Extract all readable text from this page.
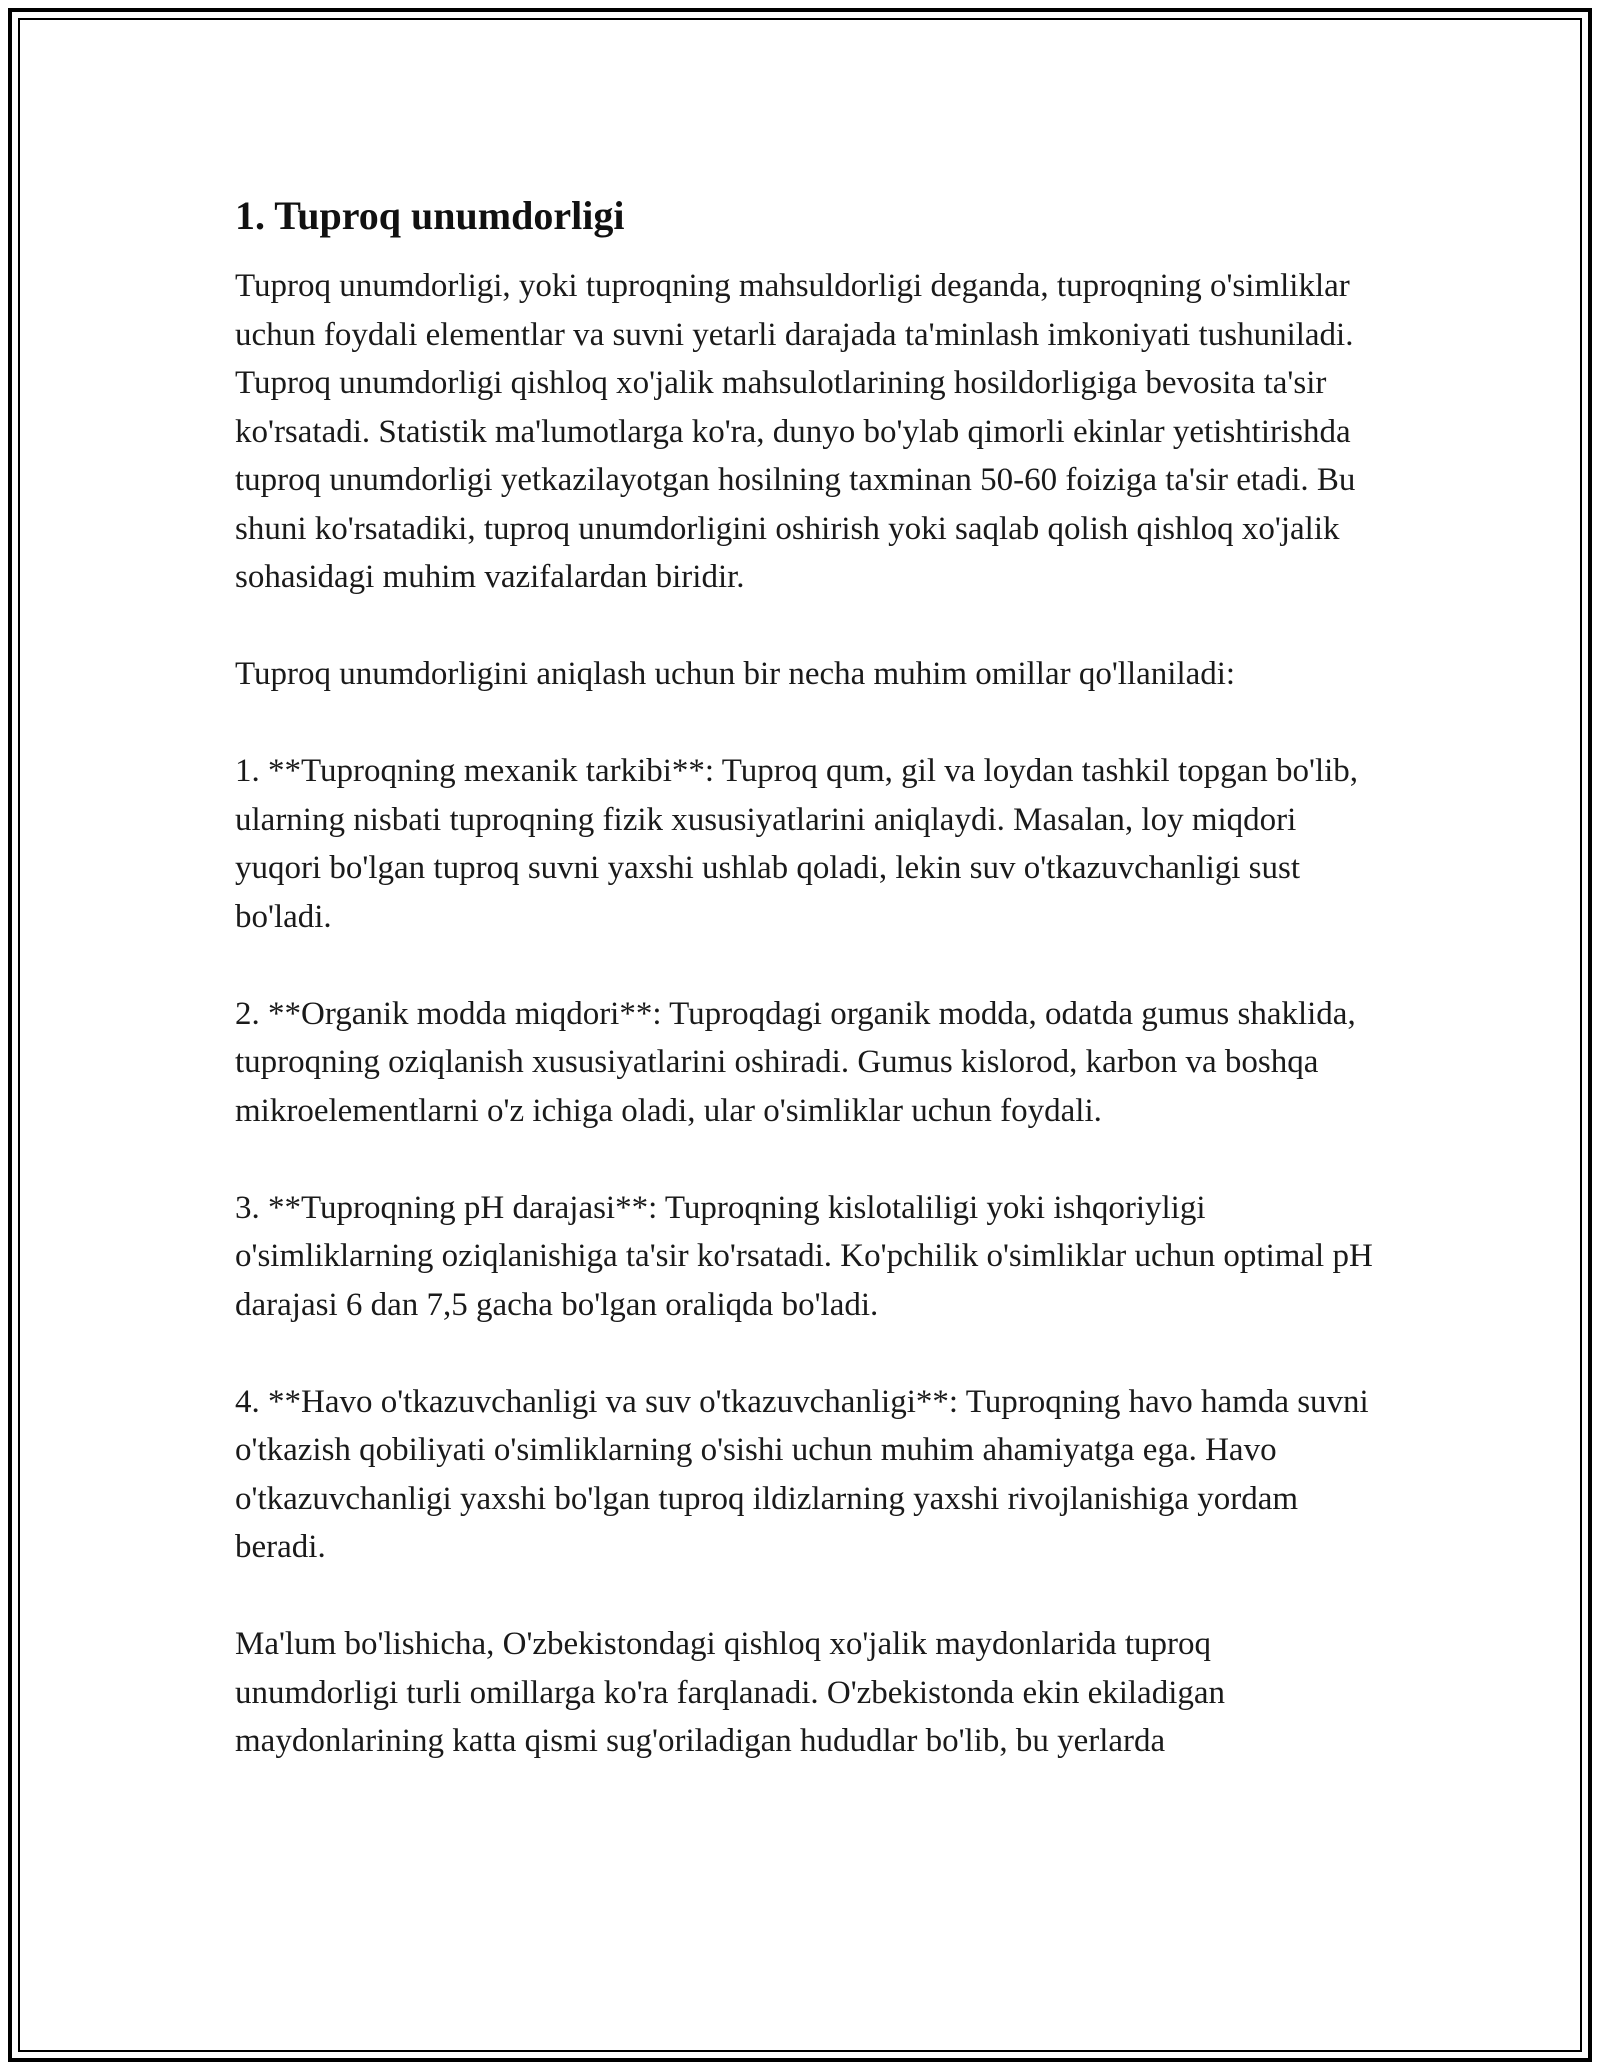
1. Tuproq unumdorligi

Tuproq unumdorligi, yoki tuproqning mahsuldorligi deganda, tuproqning o'simliklar uchun foydali elementlar va suvni yetarli darajada ta'minlash imkoniyati tushuniladi. Tuproq unumdorligi qishloq xo'jalik mahsulotlarining hosildorligiga bevosita ta'sir ko'rsatadi. Statistik ma'lumotlarga ko'ra, dunyo bo'ylab qimorli ekinlar yetishtirishda tuproq unumdorligi yetkazilayotgan hosilning taxminan 50-60 foiziga ta'sir etadi. Bu shuni ko'rsatadiki, tuproq unumdorligini oshirish yoki saqlab qolish qishloq xo'jalik sohasidagi muhim vazifalardan biridir.

Tuproq unumdorligini aniqlash uchun bir necha muhim omillar qo'llaniladi:

1. **Tuproqning mexanik tarkibi**: Tuproq qum, gil va loydan tashkil topgan bo'lib, ularning nisbati tuproqning fizik xususiyatlarini aniqlaydi. Masalan, loy miqdori yuqori bo'lgan tuproq suvni yaxshi ushlab qoladi, lekin suv o'tkazuvchanligi sust bo'ladi.

2. **Organik modda miqdori**: Tuproqdagi organik modda, odatda gumus shaklida, tuproqning oziqlanish xususiyatlarini oshiradi. Gumus kislorod, karbon va boshqa mikroelementlarni o'z ichiga oladi, ular o'simliklar uchun foydali.

3. **Tuproqning pH darajasi**: Tuproqning kislotaliligi yoki ishqoriyligi o'simliklarning oziqlanishiga ta'sir ko'rsatadi. Ko'pchilik o'simliklar uchun optimal pH darajasi 6 dan 7,5 gacha bo'lgan oraliqda bo'ladi.

4. **Havo o'tkazuvchanligi va suv o'tkazuvchanligi**: Tuproqning havo hamda suvni o'tkazish qobiliyati o'simliklarning o'sishi uchun muhim ahamiyatga ega. Havo o'tkazuvchanligi yaxshi bo'lgan tuproq ildizlarning yaxshi rivojlanishiga yordam beradi.

Ma'lum bo'lishicha, O'zbekistondagi qishloq xo'jalik maydonlarida tuproq unumdorligi turli omillarga ko'ra farqlanadi. O'zbekistonda ekin ekiladigan maydonlarining katta qismi sug'oriladigan hududlar bo'lib, bu yerlarda
